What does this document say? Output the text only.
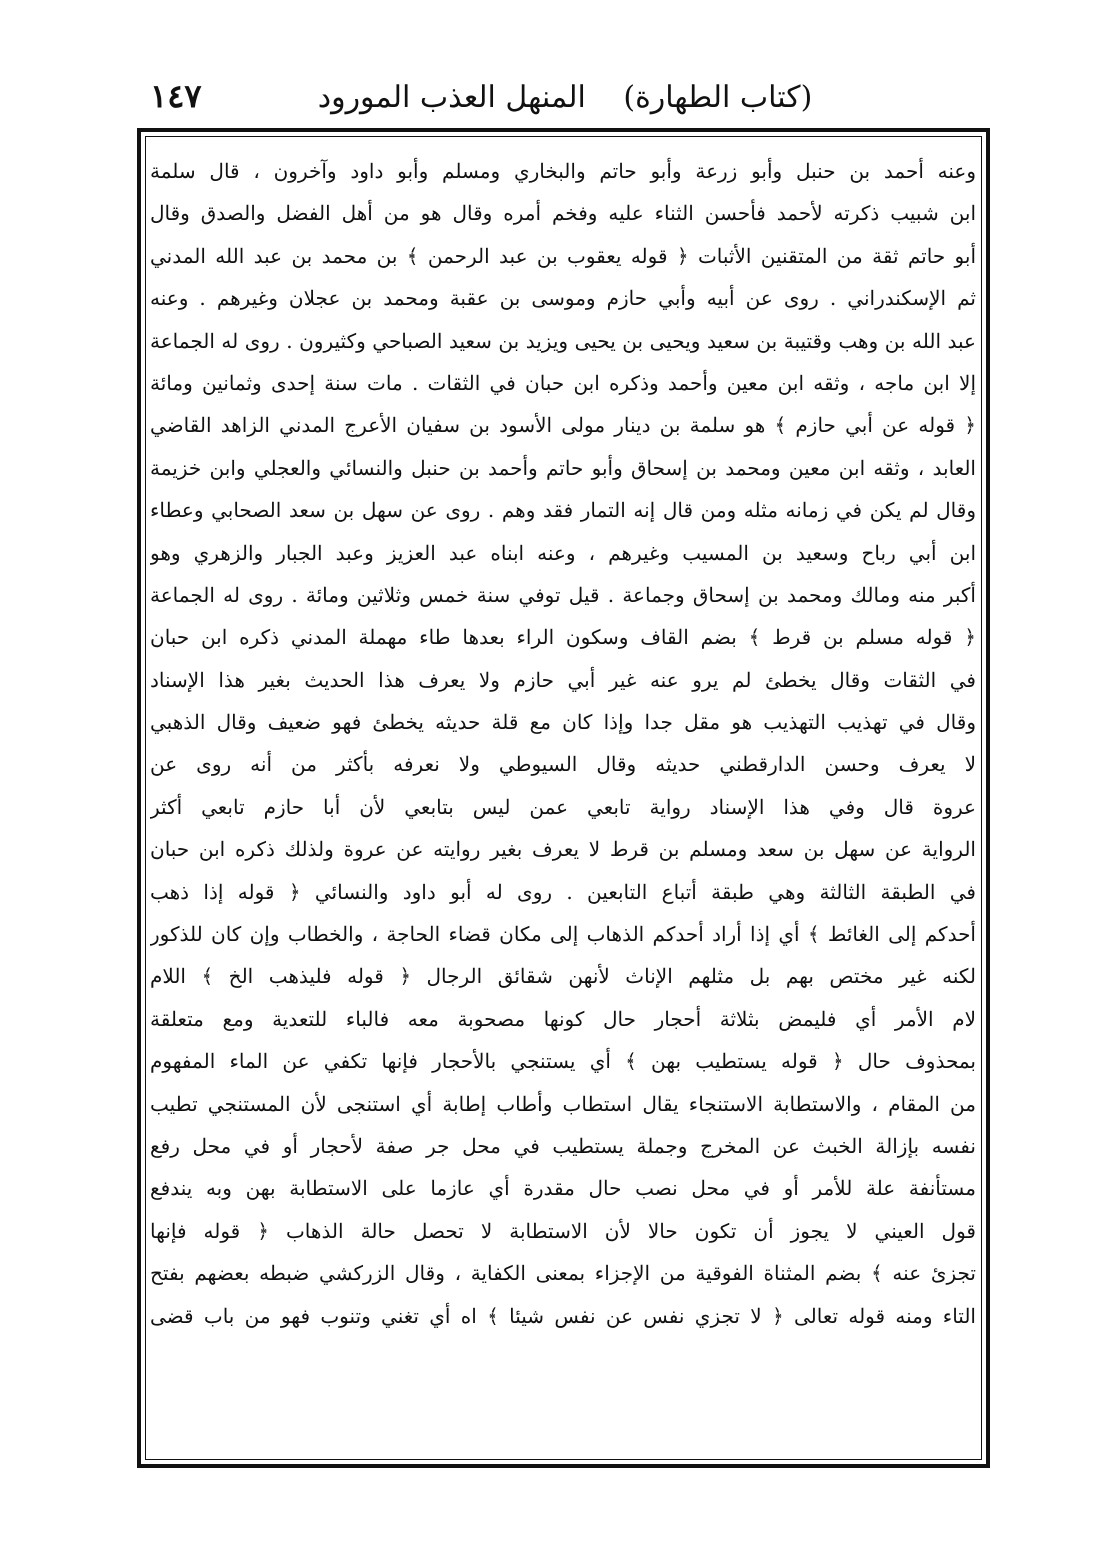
(كتاب الطهارة) المنهل العذب المورود
١٤٧
وعنه أحمد بن حنبل وأبو زرعة وأبو حاتم والبخاري ومسلم وأبو داود وآخرون ، قال سلمة
ابن شبيب ذكرته لأحمد فأحسن الثناء عليه وفخم أمره وقال هو من أهل الفضل والصدق وقال
أبو حاتم ثقة من المتقنين الأثبات ﴿ قوله يعقوب بن عبد الرحمن ﴾ بن محمد بن عبد الله المدني
ثم الإسكندراني . روى عن أبيه وأبي حازم وموسى بن عقبة ومحمد بن عجلان وغيرهم . وعنه
عبد الله بن وهب وقتيبة بن سعيد ويحيى بن يحيى ويزيد بن سعيد الصباحي وكثيرون . روى له الجماعة
إلا ابن ماجه ، وثقه ابن معين وأحمد وذكره ابن حبان في الثقات . مات سنة إحدى وثمانين ومائة
﴿ قوله عن أبي حازم ﴾ هو سلمة بن دينار مولى الأسود بن سفيان الأعرج المدني الزاهد القاضي
العابد ، وثقه ابن معين ومحمد بن إسحاق وأبو حاتم وأحمد بن حنبل والنسائي والعجلي وابن خزيمة
وقال لم يكن في زمانه مثله ومن قال إنه التمار فقد وهم . روى عن سهل بن سعد الصحابي وعطاء
ابن أبي رباح وسعيد بن المسيب وغيرهم ، وعنه ابناه عبد العزيز وعبد الجبار والزهري وهو
أكبر منه ومالك ومحمد بن إسحاق وجماعة . قيل توفي سنة خمس وثلاثين ومائة . روى له الجماعة
﴿ قوله مسلم بن قرط ﴾ بضم القاف وسكون الراء بعدها طاء مهملة المدني ذكره ابن حبان
في الثقات وقال يخطئ لم يرو عنه غير أبي حازم ولا يعرف هذا الحديث بغير هذا الإسناد
وقال في تهذيب التهذيب هو مقل جدا وإذا كان مع قلة حديثه يخطئ فهو ضعيف وقال الذهبي
لا يعرف وحسن الدارقطني حديثه وقال السيوطي ولا نعرفه بأكثر من أنه روى عن
عروة قال وفي هذا الإسناد رواية تابعي عمن ليس بتابعي لأن أبا حازم تابعي أكثر
الرواية عن سهل بن سعد ومسلم بن قرط لا يعرف بغير روايته عن عروة ولذلك ذكره ابن حبان
في الطبقة الثالثة وهي طبقة أتباع التابعين . روى له أبو داود والنسائي ﴿ قوله إذا ذهب
أحدكم إلى الغائط ﴾ أي إذا أراد أحدكم الذهاب إلى مكان قضاء الحاجة ، والخطاب وإن كان للذكور
لكنه غير مختص بهم بل مثلهم الإناث لأنهن شقائق الرجال ﴿ قوله فليذهب الخ ﴾ اللام
لام الأمر أي فليمض بثلاثة أحجار حال كونها مصحوبة معه فالباء للتعدية ومع متعلقة
بمحذوف حال ﴿ قوله يستطيب بهن ﴾ أي يستنجي بالأحجار فإنها تكفي عن الماء المفهوم
من المقام ، والاستطابة الاستنجاء يقال استطاب وأطاب إطابة أي استنجى لأن المستنجي تطيب
نفسه بإزالة الخبث عن المخرج وجملة يستطيب في محل جر صفة لأحجار أو في محل رفع
مستأنفة علة للأمر أو في محل نصب حال مقدرة أي عازما على الاستطابة بهن وبه يندفع
قول العيني لا يجوز أن تكون حالا لأن الاستطابة لا تحصل حالة الذهاب ﴿ قوله فإنها
تجزئ عنه ﴾ بضم المثناة الفوقية من الإجزاء بمعنى الكفاية ، وقال الزركشي ضبطه بعضهم بفتح
التاء ومنه قوله تعالى ﴿ لا تجزي نفس عن نفس شيئا ﴾ اه أي تغني وتنوب فهو من باب قضى
